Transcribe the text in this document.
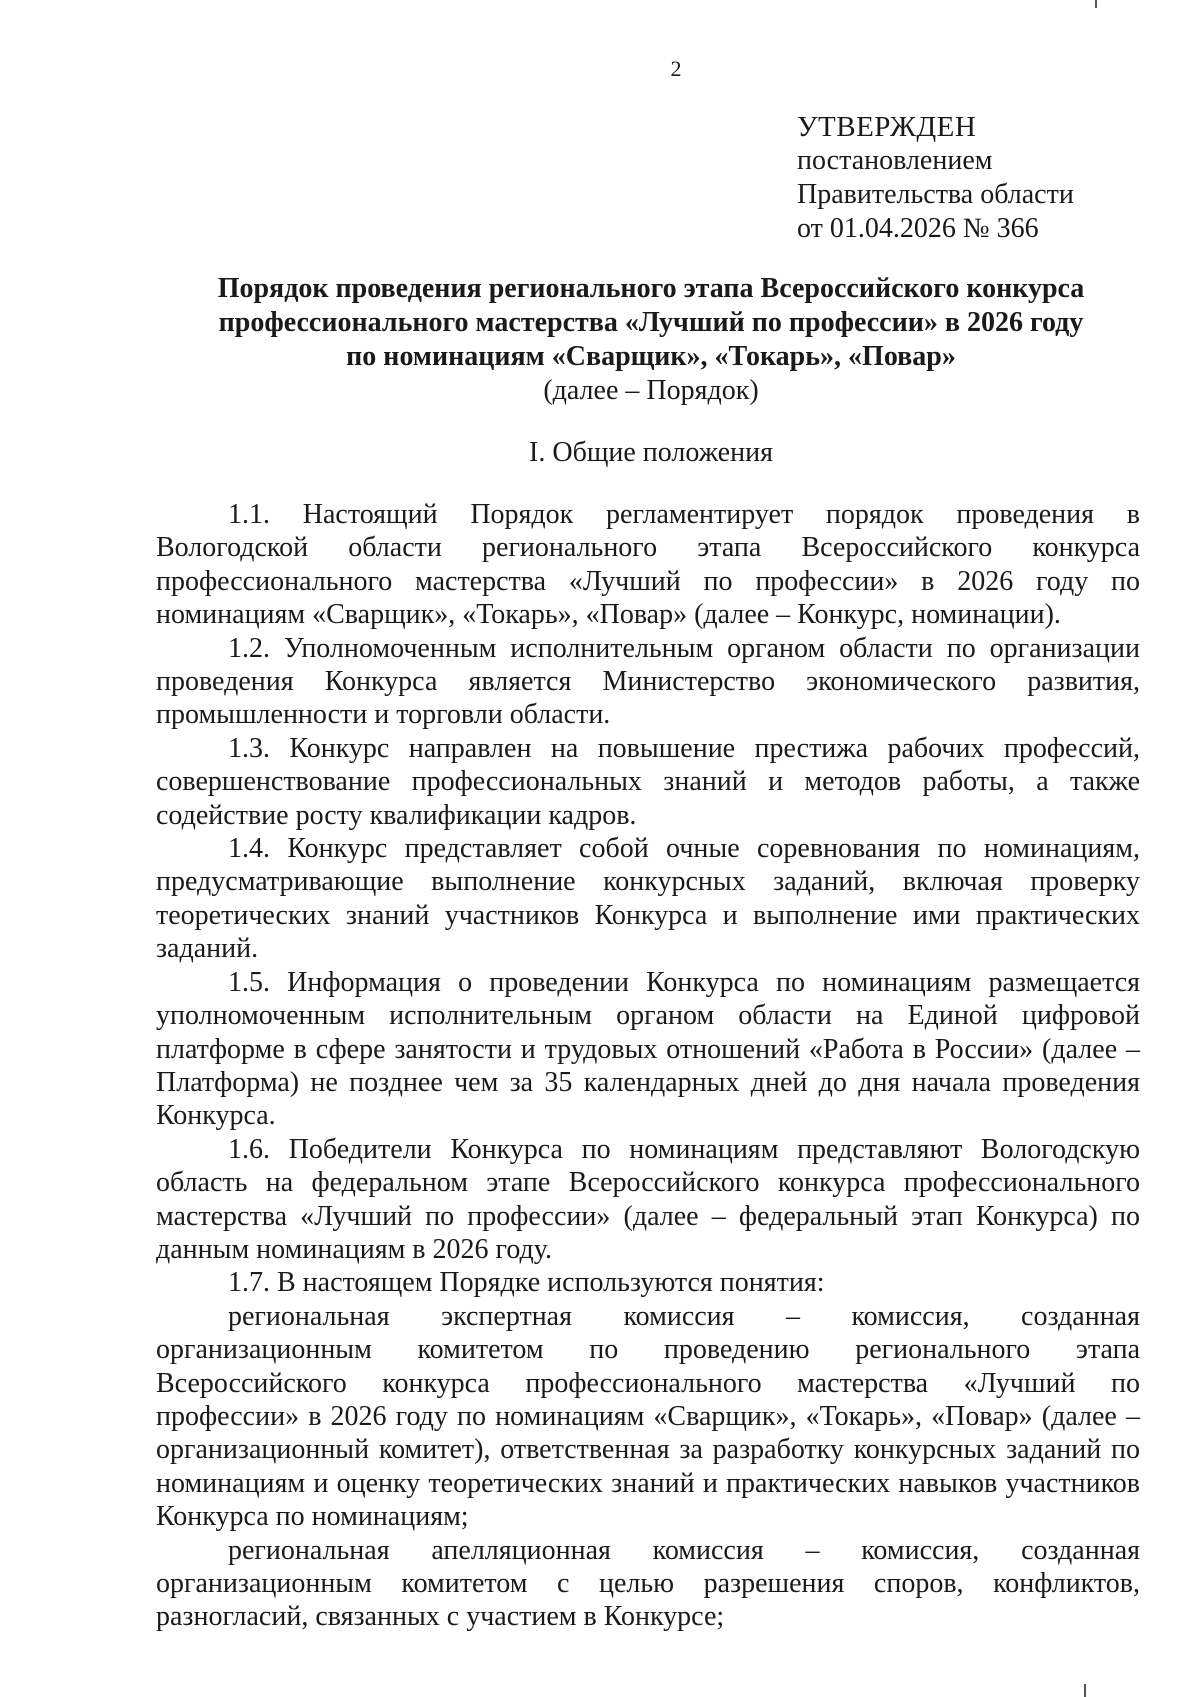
2
УТВЕРЖДЕН
постановлением
Правительства области
от 01.04.2026 № 366
Порядок проведения регионального этапа Всероссийского конкурса
профессионального мастерства «Лучший по профессии» в 2026 году
по номинациям «Сварщик», «Токарь», «Повар»
(далее – Порядок)
I. Общие положения

1.1. Настоящий Порядок регламентирует порядок проведения в Вологодской области регионального этапа Всероссийского конкурса профессионального мастерства «Лучший по профессии» в 2026 году по номинациям «Сварщик», «Токарь», «Повар» (далее – Конкурс, номинации).

1.2. Уполномоченным исполнительным органом области по организации проведения Конкурса является Министерство экономического развития, промышленности и торговли области.

1.3. Конкурс направлен на повышение престижа рабочих профессий, совершенствование профессиональных знаний и методов работы, а также содействие росту квалификации кадров.

1.4. Конкурс представляет собой очные соревнования по номинациям, предусматривающие выполнение конкурсных заданий, включая проверку теоретических знаний участников Конкурса и выполнение ими практических заданий.

1.5. Информация о проведении Конкурса по номинациям размещается уполномоченным исполнительным органом области на Единой цифровой платформе в сфере занятости и трудовых отношений «Работа в России» (далее – Платформа) не позднее чем за 35 календарных дней до дня начала проведения Конкурса.

1.6. Победители Конкурса по номинациям представляют Вологодскую область на федеральном этапе Всероссийского конкурса профессионального мастерства «Лучший по профессии» (далее – федеральный этап Конкурса) по данным номинациям в 2026 году.

1.7. В настоящем Порядке используются понятия:

региональная экспертная комиссия – комиссия, созданная организационным комитетом по проведению регионального этапа Всероссийского конкурса профессионального мастерства «Лучший по профессии» в 2026 году по номинациям «Сварщик», «Токарь», «Повар» (далее – организационный комитет), ответственная за разработку конкурсных заданий по номинациям и оценку теоретических знаний и практических навыков участников Конкурса по номинациям;

региональная апелляционная комиссия – комиссия, созданная организационным комитетом с целью разрешения споров, конфликтов, разногласий, связанных с участием в Конкурсе;
